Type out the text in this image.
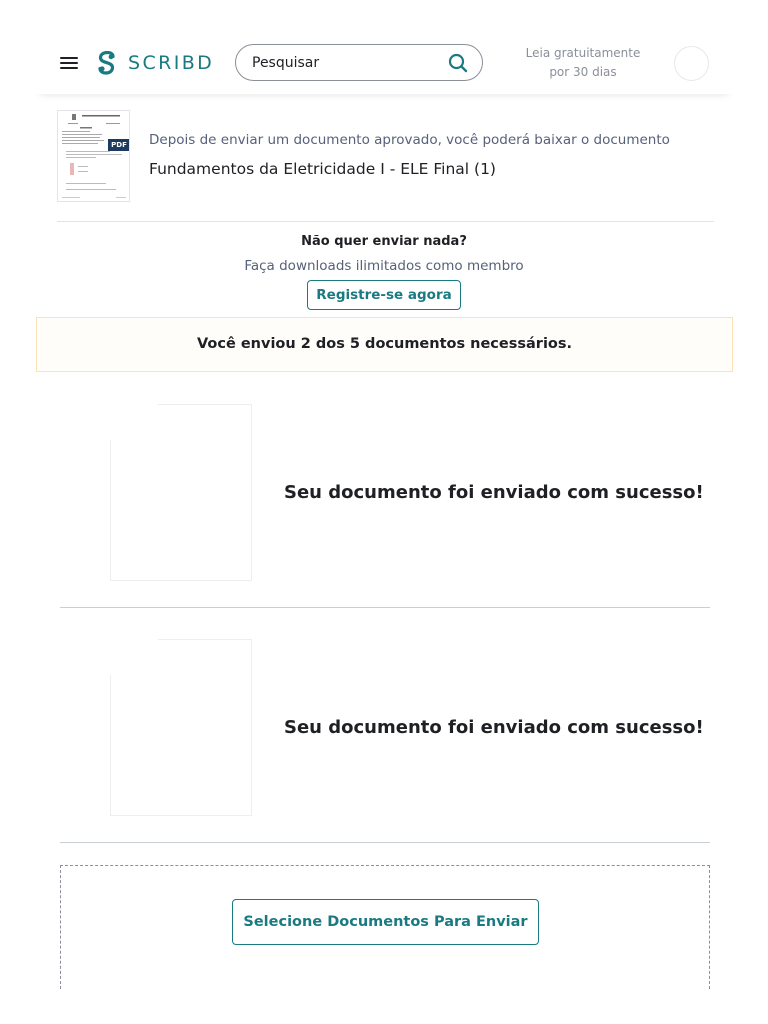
SCRIBD
Pesquisar	Leia gratuitamente
por 30 dias
PDF Depois de enviar um documento aprovado, você poderá baixar o documento
Fundamentos da Eletricidade I - ELE Final (1)
Não quer enviar nada?
Faça downloads ilimitados como membro
Registre-se agora
Você enviou 2 dos 5 documentos necessários.
Seu documento foi enviado com sucesso!
Seu documento foi enviado com sucesso!
Selecione Documentos Para Enviar
